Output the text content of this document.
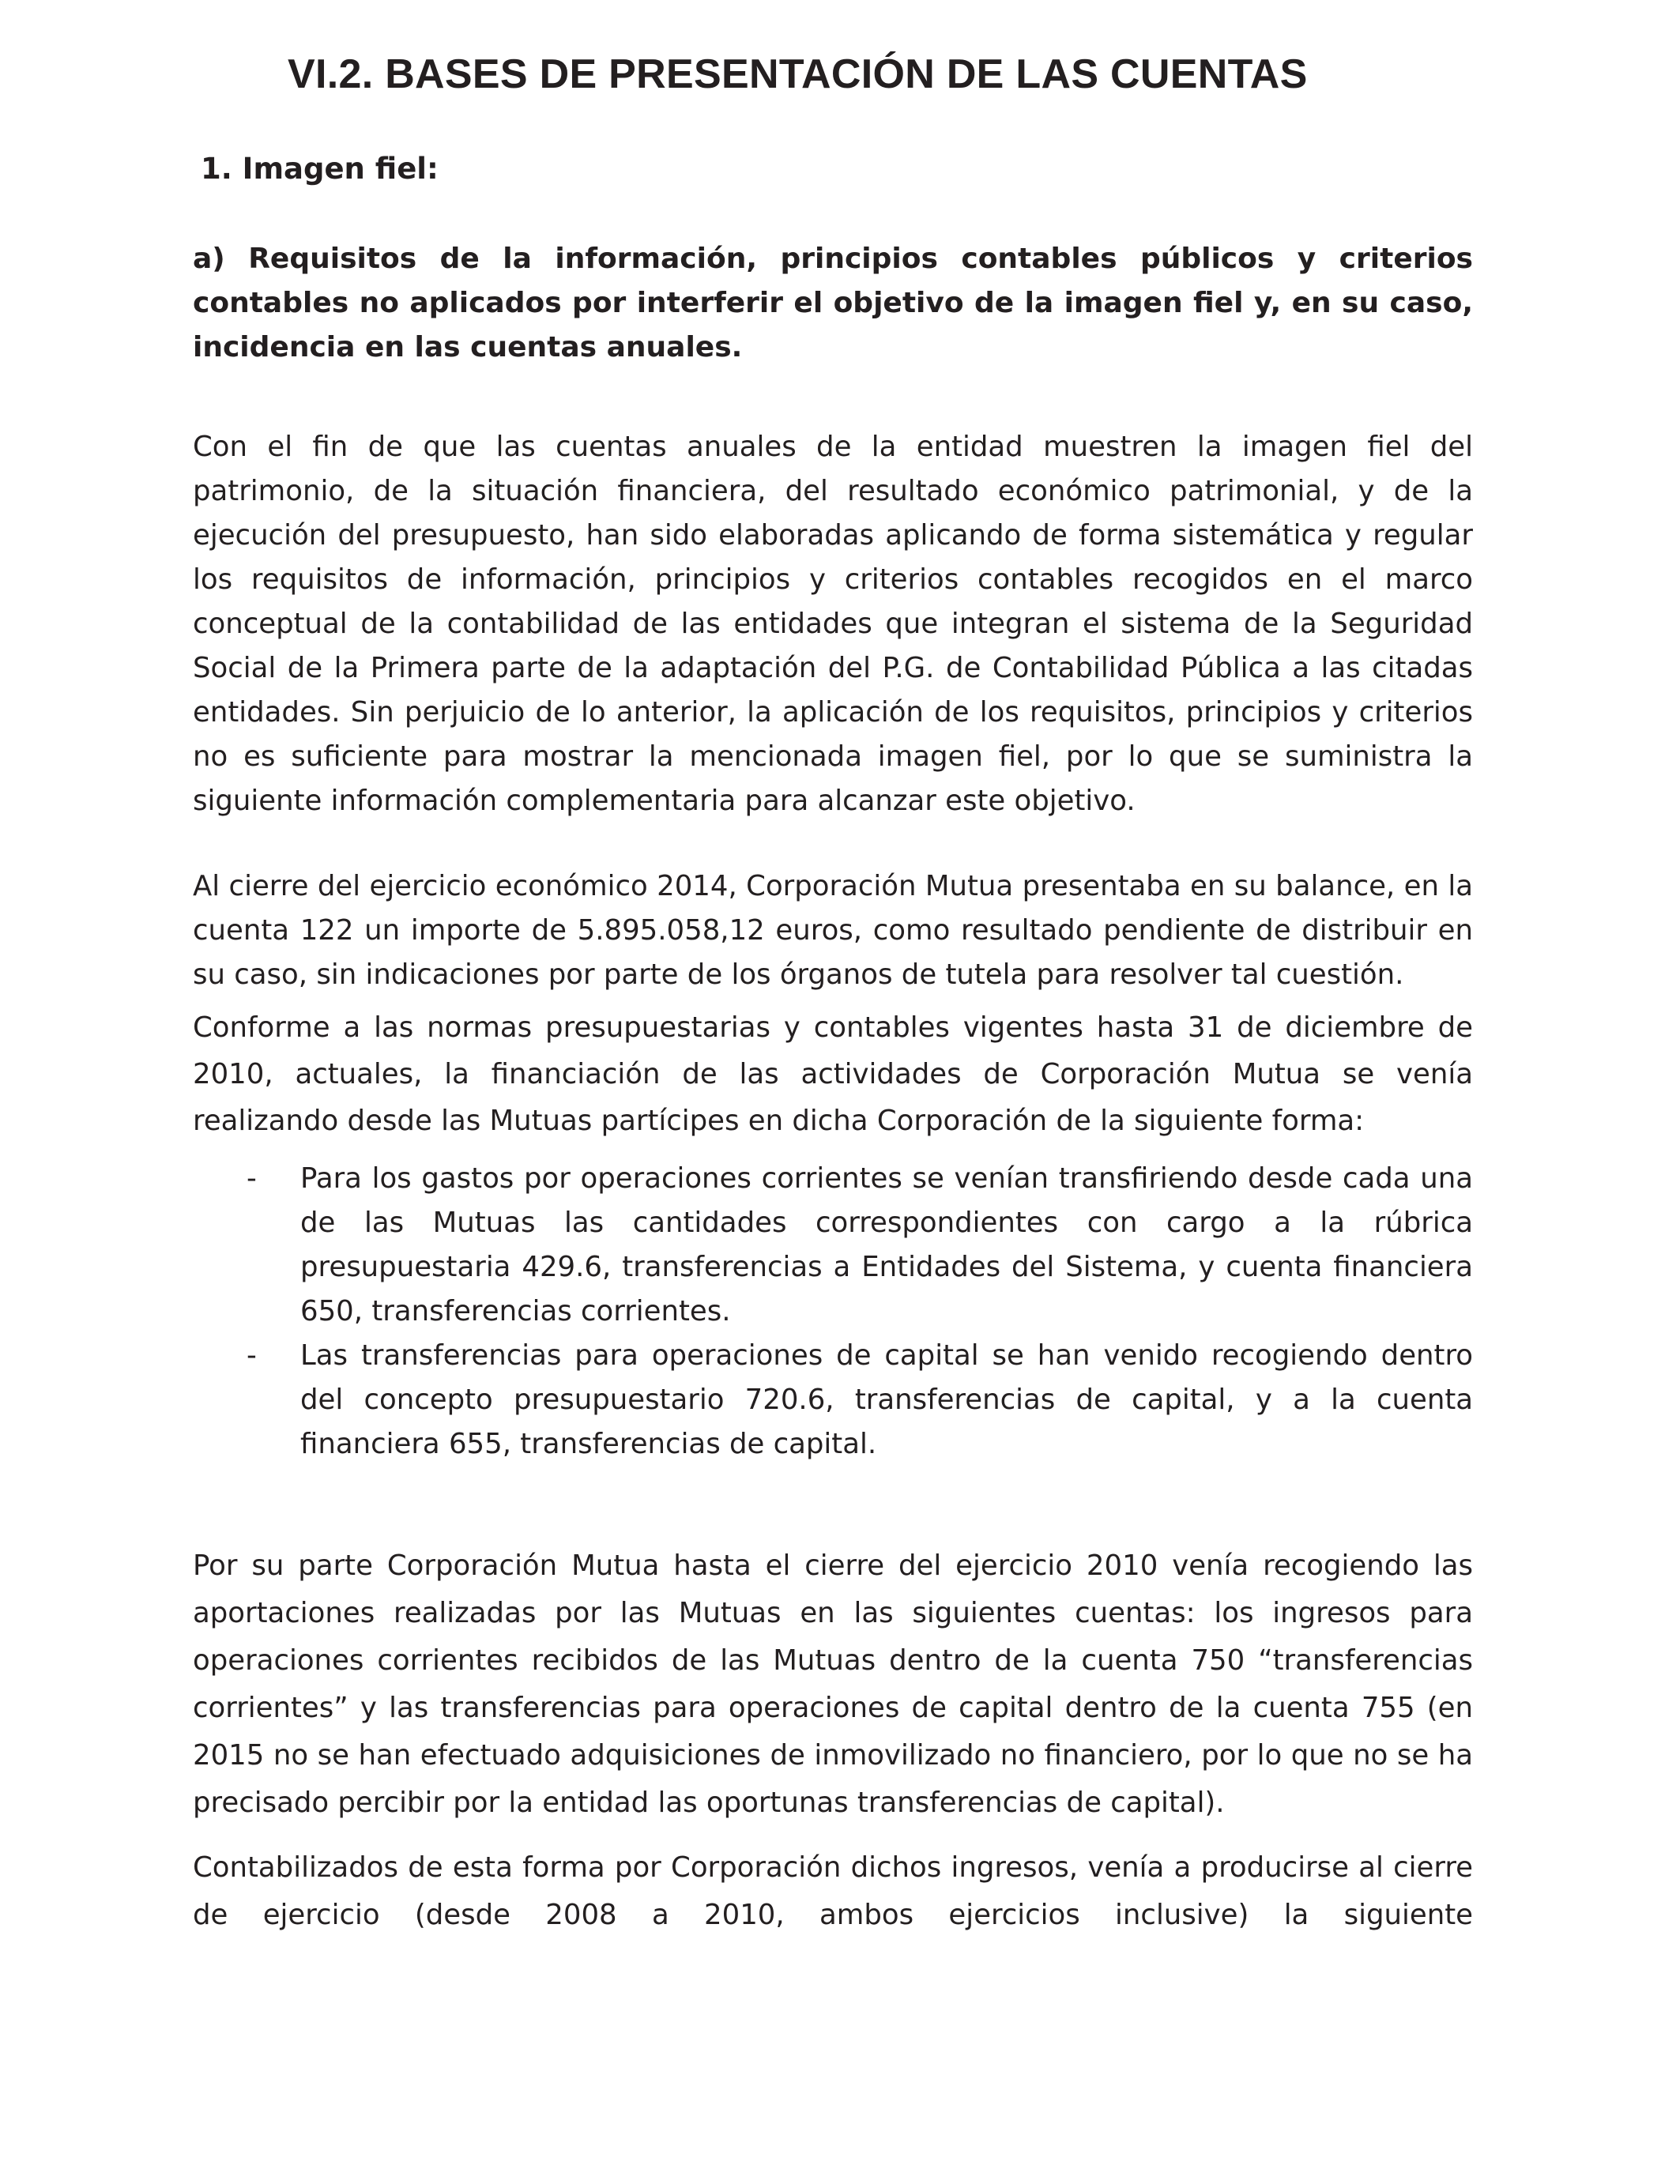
VI.2. BASES DE PRESENTACIÓN DE LAS CUENTAS
1. Imagen fiel:
a) Requisitos de la información, principios contables públicos y criterios contables no aplicados por interferir el objetivo de la imagen fiel y, en su caso, incidencia en las cuentas anuales.

Con el fin de que las cuentas anuales de la entidad muestren la imagen fiel del patrimonio, de la situación financiera, del resultado económico patrimonial, y de la ejecución del presupuesto, han sido elaboradas aplicando de forma sistemática y regular los requisitos de información, principios y criterios contables recogidos en el marco conceptual de la contabilidad de las entidades que integran el sistema de la Seguridad Social de la Primera parte de la adaptación del P.G. de Contabilidad Pública a las citadas entidades. Sin perjuicio de lo anterior, la aplicación de los requisitos, principios y criterios no es suficiente para mostrar la mencionada imagen fiel, por lo que se suministra la siguiente información complementaria para alcanzar este objetivo.

Al cierre del ejercicio económico 2014, Corporación Mutua presentaba en su balance, en la cuenta 122 un importe de 5.895.058,12 euros, como resultado pendiente de distribuir en su caso, sin indicaciones por parte de los órganos de tutela para resolver tal cuestión.

Conforme a las normas presupuestarias y contables vigentes hasta 31 de diciembre de 2010, actuales, la financiación de las actividades de Corporación Mutua se venía realizando desde las Mutuas partícipes en dicha Corporación de la siguiente forma:

- Para los gastos por operaciones corrientes se venían transfiriendo desde cada una de las Mutuas las cantidades correspondientes con cargo a la rúbrica presupuestaria 429.6, transferencias a Entidades del Sistema, y cuenta financiera 650, transferencias corrientes.
- Las transferencias para operaciones de capital se han venido recogiendo dentro del concepto presupuestario 720.6, transferencias de capital, y a la cuenta financiera 655, transferencias de capital.

Por su parte Corporación Mutua hasta el cierre del ejercicio 2010 venía recogiendo las aportaciones realizadas por las Mutuas en las siguientes cuentas: los ingresos para operaciones corrientes recibidos de las Mutuas dentro de la cuenta 750 “transferencias corrientes” y las transferencias para operaciones de capital dentro de la cuenta 755 (en 2015 no se han efectuado adquisiciones de inmovilizado no financiero, por lo que no se ha precisado percibir por la entidad las oportunas transferencias de capital).

Contabilizados de esta forma por Corporación dichos ingresos, venía a producirse al cierre de ejercicio (desde 2008 a 2010, ambos ejercicios inclusive) la siguiente
